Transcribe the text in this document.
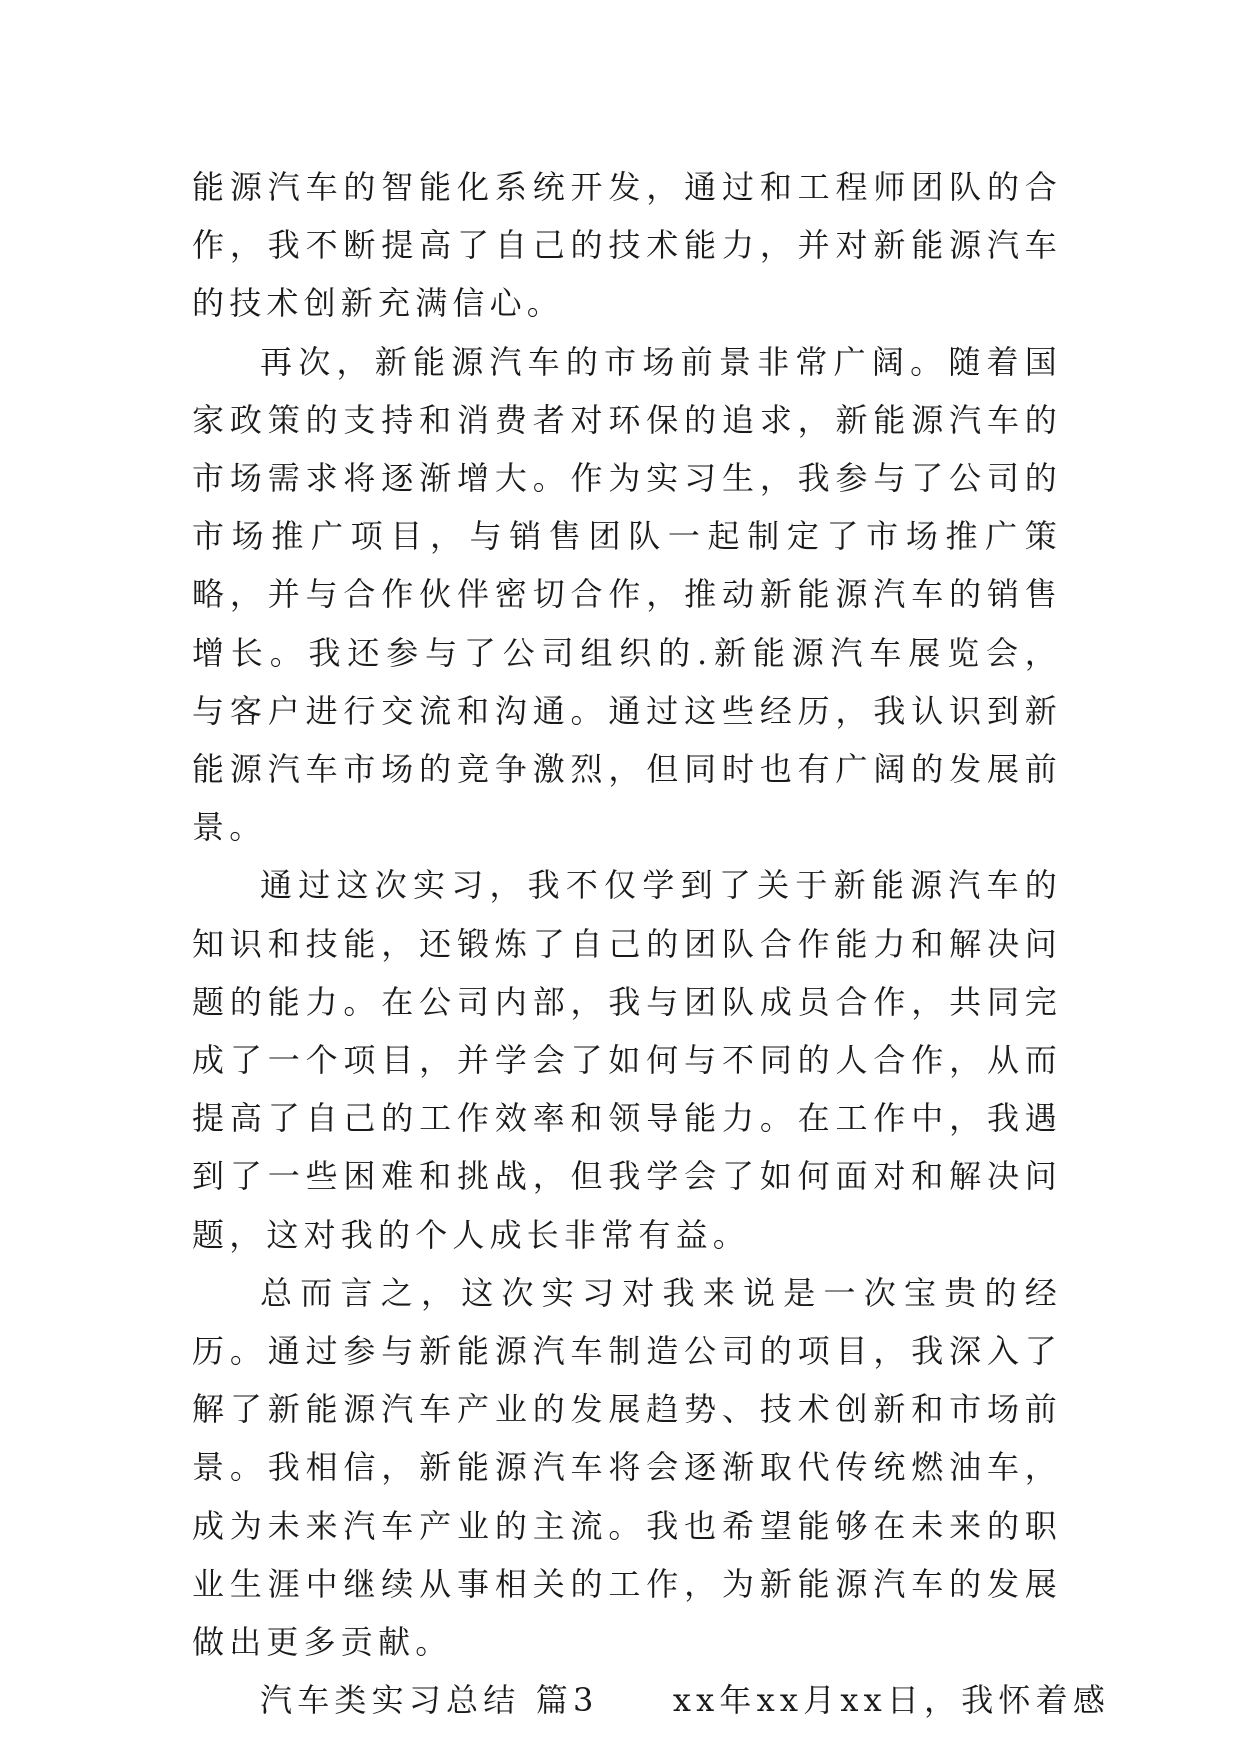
能源汽车的智能化系统开发，通过和工程师团队的合作，我不断提高了自己的技术能力，并对新能源汽车的技术创新充满信心。

再次，新能源汽车的市场前景非常广阔。随着国家政策的支持和消费者对环保的追求，新能源汽车的市场需求将逐渐增大。作为实习生，我参与了公司的市场推广项目，与销售团队一起制定了市场推广策略，并与合作伙伴密切合作，推动新能源汽车的销售增长。我还参与了公司组织的.新能源汽车展览会，与客户进行交流和沟通。通过这些经历，我认识到新能源汽车市场的竞争激烈，但同时也有广阔的发展前景。

通过这次实习，我不仅学到了关于新能源汽车的知识和技能，还锻炼了自己的团队合作能力和解决问题的能力。在公司内部，我与团队成员合作，共同完成了一个项目，并学会了如何与不同的人合作，从而提高了自己的工作效率和领导能力。在工作中，我遇到了一些困难和挑战，但我学会了如何面对和解决问题，这对我的个人成长非常有益。

总而言之，这次实习对我来说是一次宝贵的经历。通过参与新能源汽车制造公司的项目，我深入了解了新能源汽车产业的发展趋势、技术创新和市场前景。我相信，新能源汽车将会逐渐取代传统燃油车，成为未来汽车产业的主流。我也希望能够在未来的职业生涯中继续从事相关的工作，为新能源汽车的发展做出更多贡献。

汽车类实习总结 篇3　　xx年xx月xx日，我怀着感
